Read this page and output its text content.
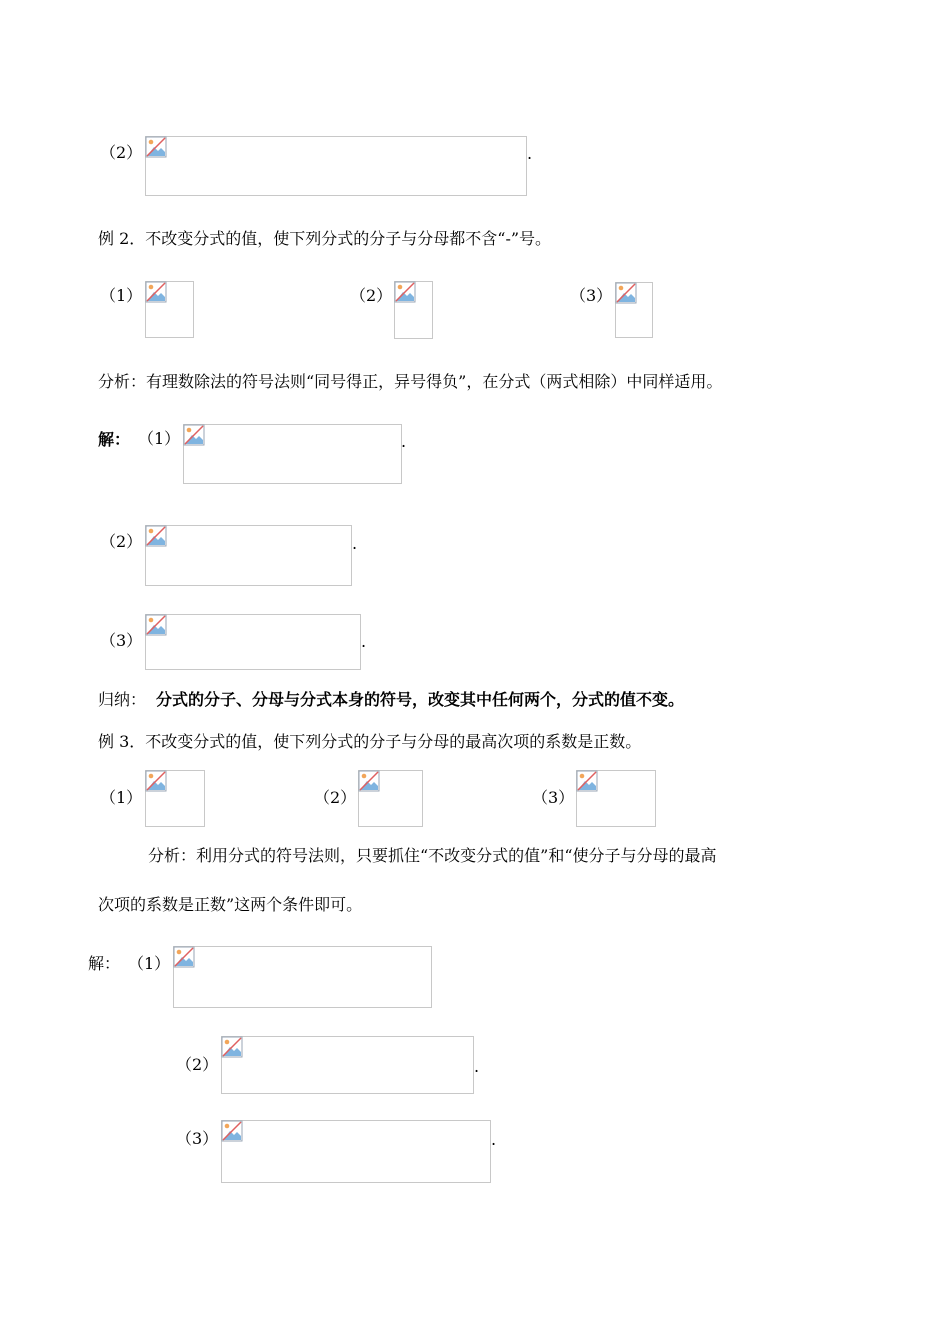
（2）	.
例 2．不改变分式的值，使下列分式的分子与分母都不含“-”号。
（1）	（2）	（3）
分析：有理数除法的符号法则“同号得正，异号得负”，在分式（两式相除）中同样适用。
解： （1）	.
（2）	.
（3）	.
归纳： 分式的分子、分母与分式本身的符号，改变其中任何两个，分式的值不变。
例 3．不改变分式的值，使下列分式的分子与分母的最高次项的系数是正数。
（1）	（2）	（3）
分析：利用分式的符号法则，只要抓住“不改变分式的值”和“使分子与分母的最高
次项的系数是正数”这两个条件即可。
解： （1）
（2）	.
（3）	.
